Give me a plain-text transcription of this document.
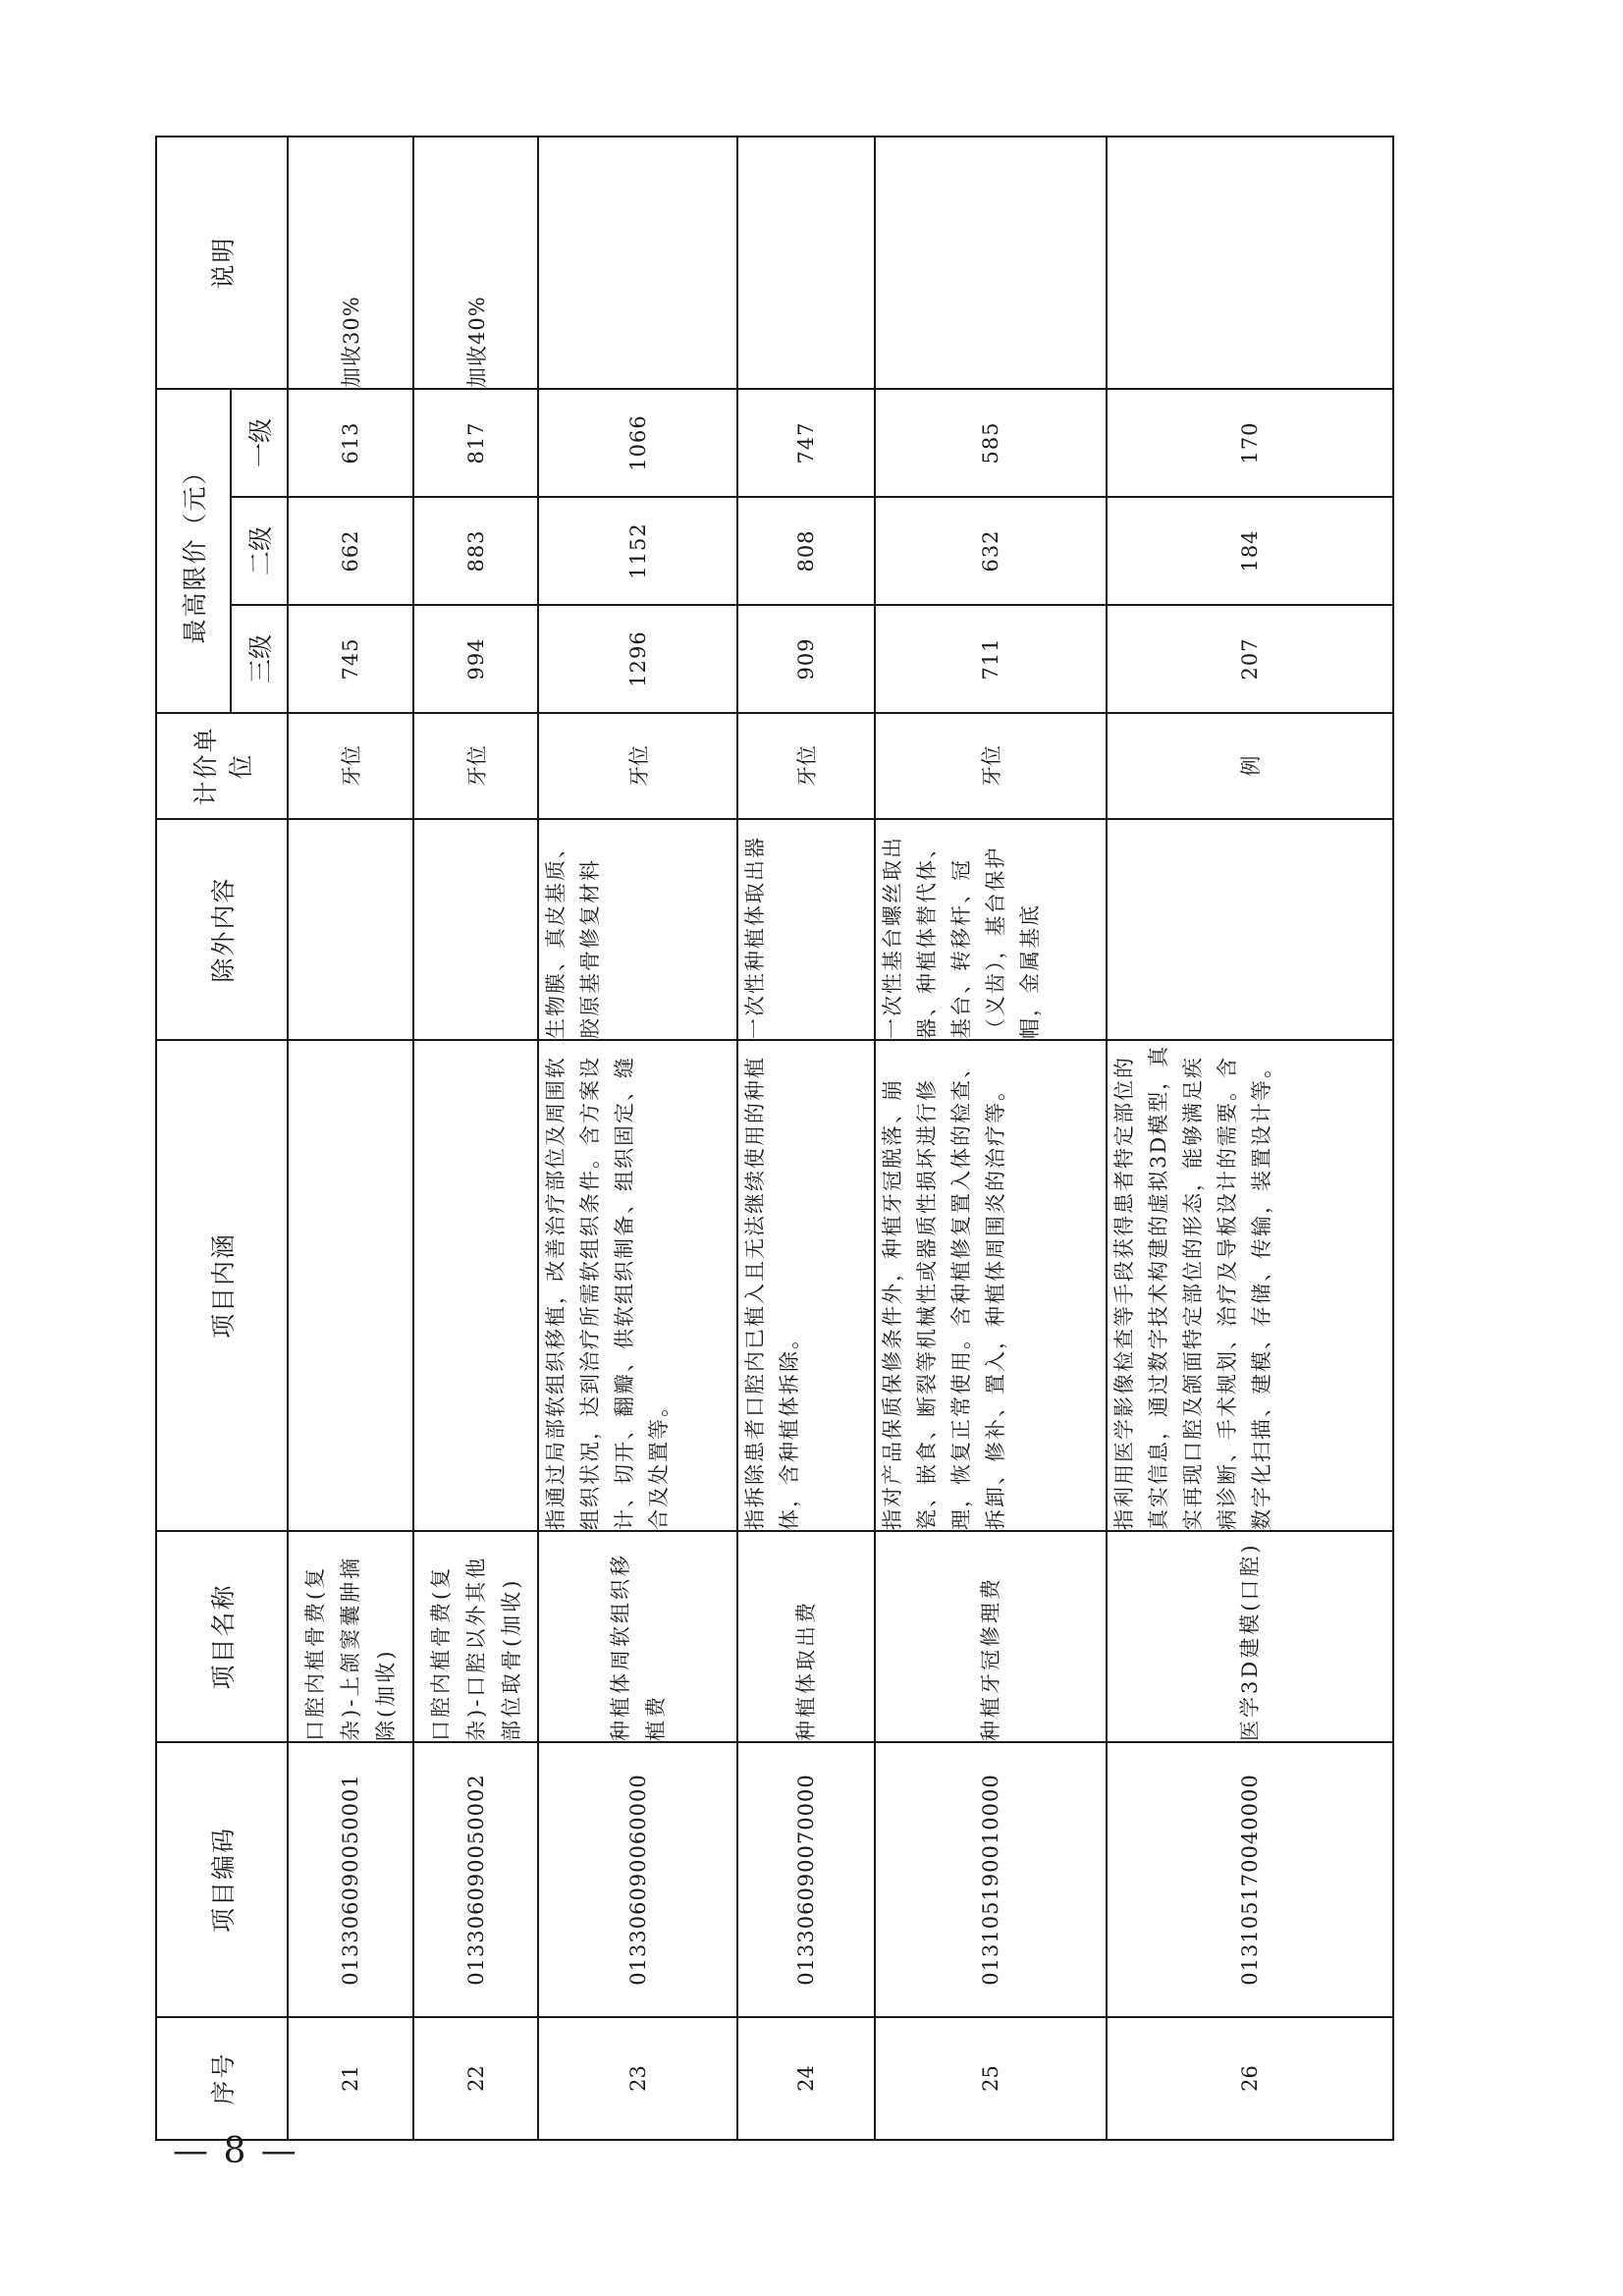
序号	项目编码	项目名称	项目内涵	除外内容	计价单位	最高限价（元）			说明
						三级	二级	一级	
21	013306090050001	口腔内植骨费(复杂)-上颌窦囊肿摘除(加收)			牙位	745	662	613	加收30%
22	013306090050002	口腔内植骨费(复杂)-口腔以外其他部位取骨(加收)			牙位	994	883	817	加收40%
23	013306090060000	种植体周软组织移植费	指通过局部软组织移植，改善治疗部位及周围软组织状况，达到治疗所需软组织条件。含方案设计、切开、翻瓣、供软组织制备、组织固定、缝合及处置等。	生物膜、真皮基质、胶原基骨修复材料	牙位	1296	1152	1066	
24	013306090070000	种植体取出费	指拆除患者口腔内已植入且无法继续使用的种植体，含种植体拆除。	一次性种植体取出器	牙位	909	808	747	
25	013105190010000	种植牙冠修理费	指对产品保质保修条件外，种植牙冠脱落、崩瓷、嵌食、断裂等机械性或器质性损坏进行修理，恢复正常使用。含种植修复置入体的检查、拆卸、修补、置入，种植体周围炎的治疗等。	一次性基台螺丝取出器、种植体替代体、基台、转移杆、冠（义齿），基台保护帽，金属基底	牙位	711	632	585	
26	013105170040000	医学3D建模(口腔)	指利用医学影像检查等手段获得患者特定部位的真实信息，通过数字技术构建的虚拟3D模型，真实再现口腔及颌面特定部位的形态，能够满足疾病诊断、手术规划、治疗及导板设计的需要。含数字化扫描、建模、存储、传输，装置设计等。		例	207	184	170	
— 8 —
